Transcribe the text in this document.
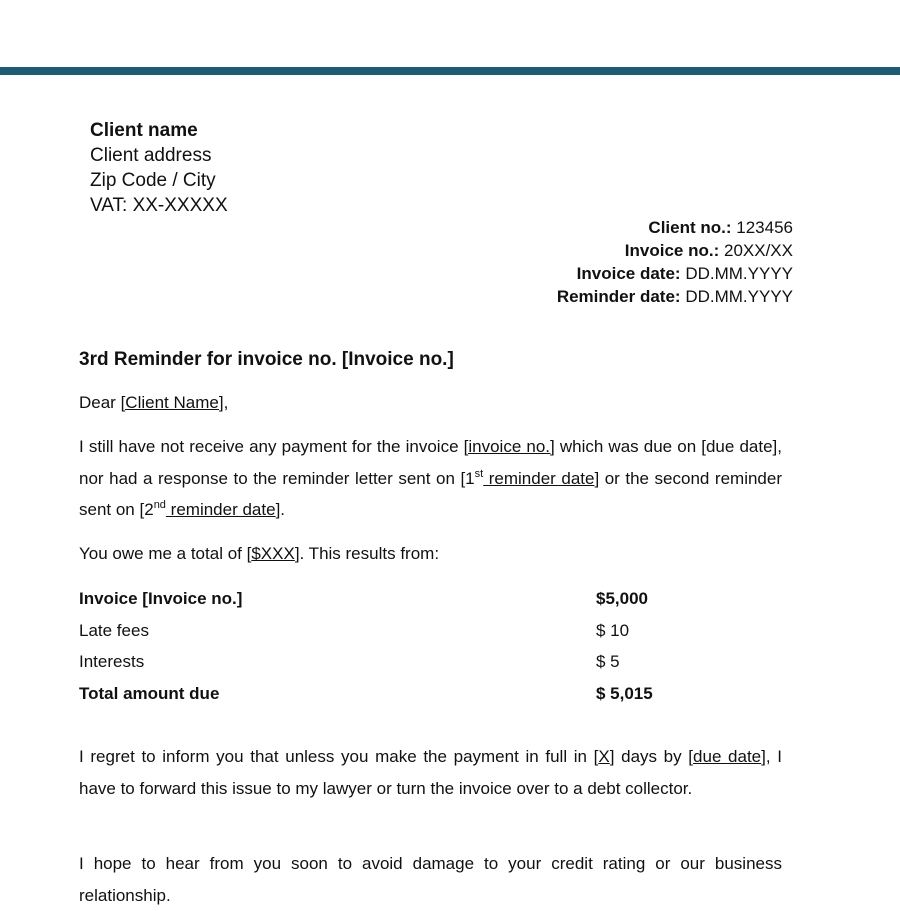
Client name
Client address
Zip Code / City
VAT: XX-XXXXX
Client no.: 123456
Invoice no.: 20XX/XX
Invoice date: DD.MM.YYYY
Reminder date: DD.MM.YYYY
3rd Reminder for invoice no. [Invoice no.]

Dear [Client Name],

I still have not receive any payment for the invoice [invoice no.] which was due on [due date], nor had a response to the reminder letter sent on [1st reminder date] or the second reminder sent on [2nd reminder date].

You owe me a total of [$XXX]. This results from:

Invoice [Invoice no.]	$5,000
Late fees	$ 10
Interests	$ 5
Total amount due	$ 5,015

I regret to inform you that unless you make the payment in full in [X] days by [due date], I have to forward this issue to my lawyer or turn the invoice over to a debt collector.

I hope to hear from you soon to avoid damage to your credit rating or our business relationship.
